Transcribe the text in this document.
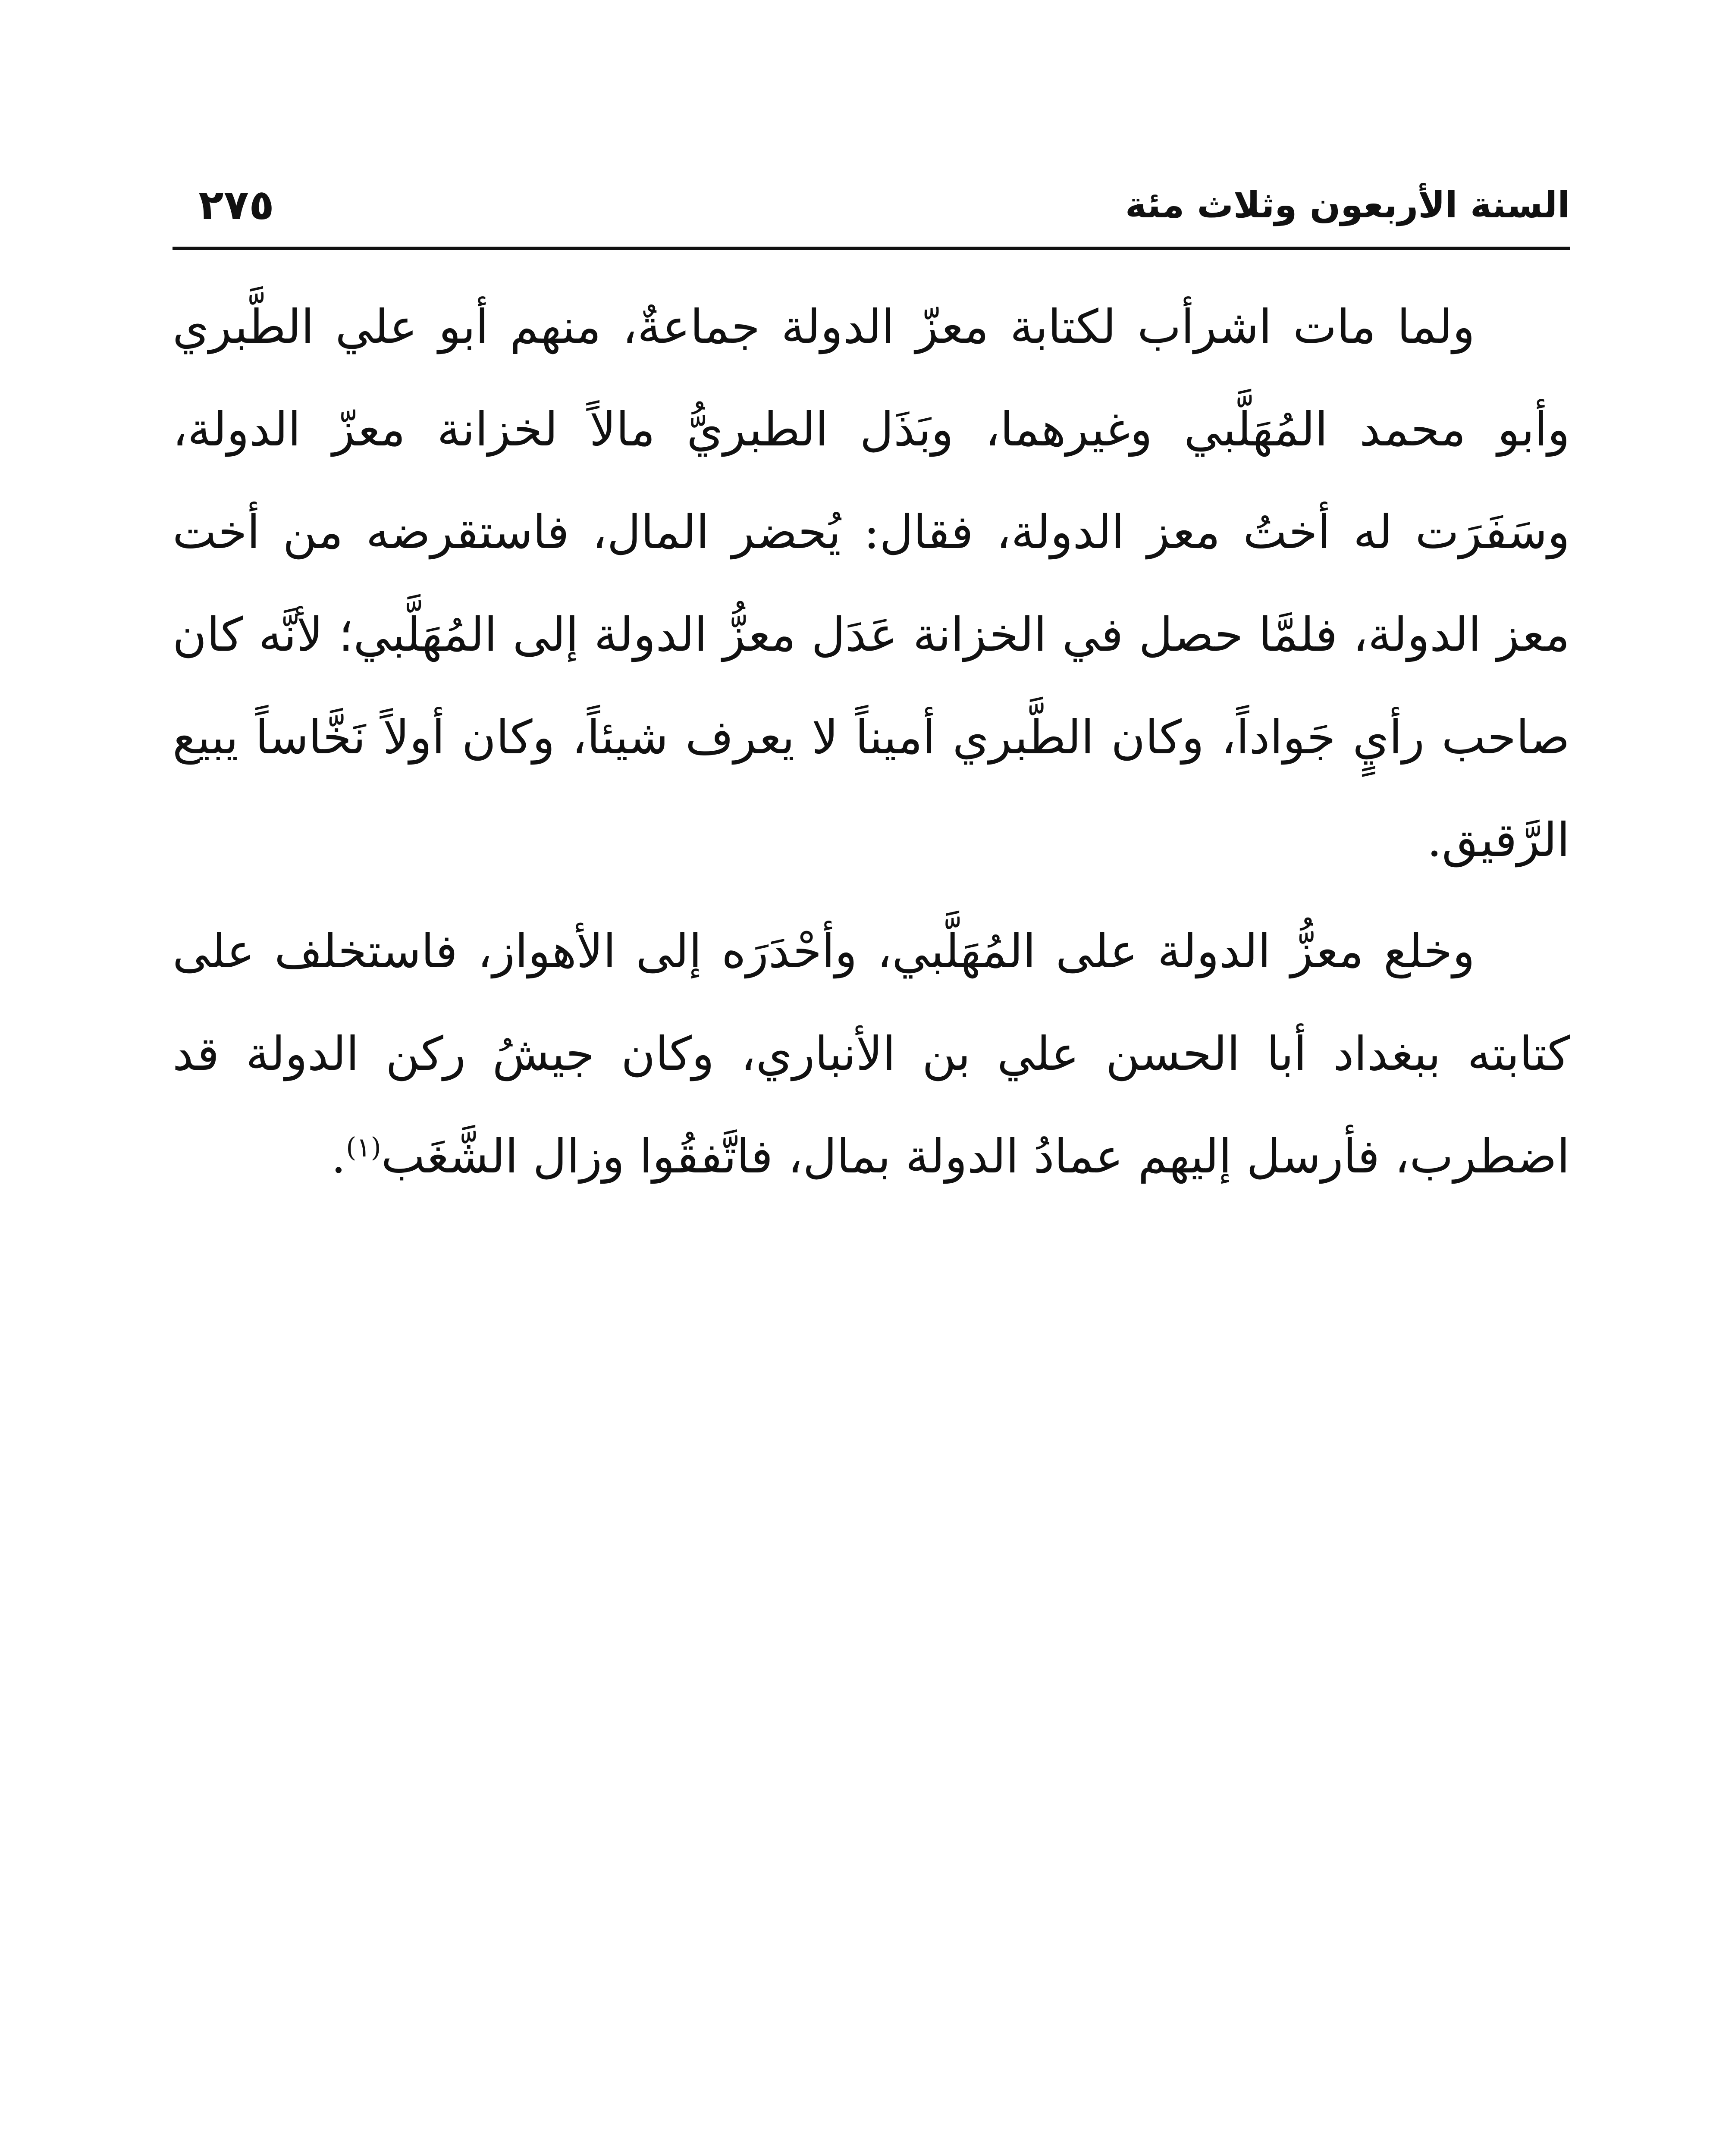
٢٧٥	السنة الأربعون وثلاث مئة

ولما مات اشرأب لكتابة معزّ الدولة جماعةٌ، منهم أبو علي الطَّبري وأبو محمد المُهَلَّبي وغيرهما، وبَذَل الطبريُّ مالاً لخزانة معزّ الدولة، وسَفَرَت له أختُ معز الدولة، فقال: يُحضر المال، فاستقرضه من أخت معز الدولة، فلمَّا حصل في الخزانة عَدَل معزُّ الدولة إلى المُهَلَّبي؛ لأنَّه كان صاحب رأيٍ جَواداً، وكان الطَّبري أميناً لا يعرف شيئاً، وكان أولاً نَخَّاساً يبيع الرَّقيق.

وخلع معزُّ الدولة على المُهَلَّبي، وأحْدَرَه إلى الأهواز، فاستخلف على كتابته ببغداد أبا الحسن علي بن الأنباري، وكان جيشُ ركن الدولة قد اضطرب، فأرسل إليهم عمادُ الدولة بمال، فاتَّفقُوا وزال الشَّغَب$^{(١)}$.
